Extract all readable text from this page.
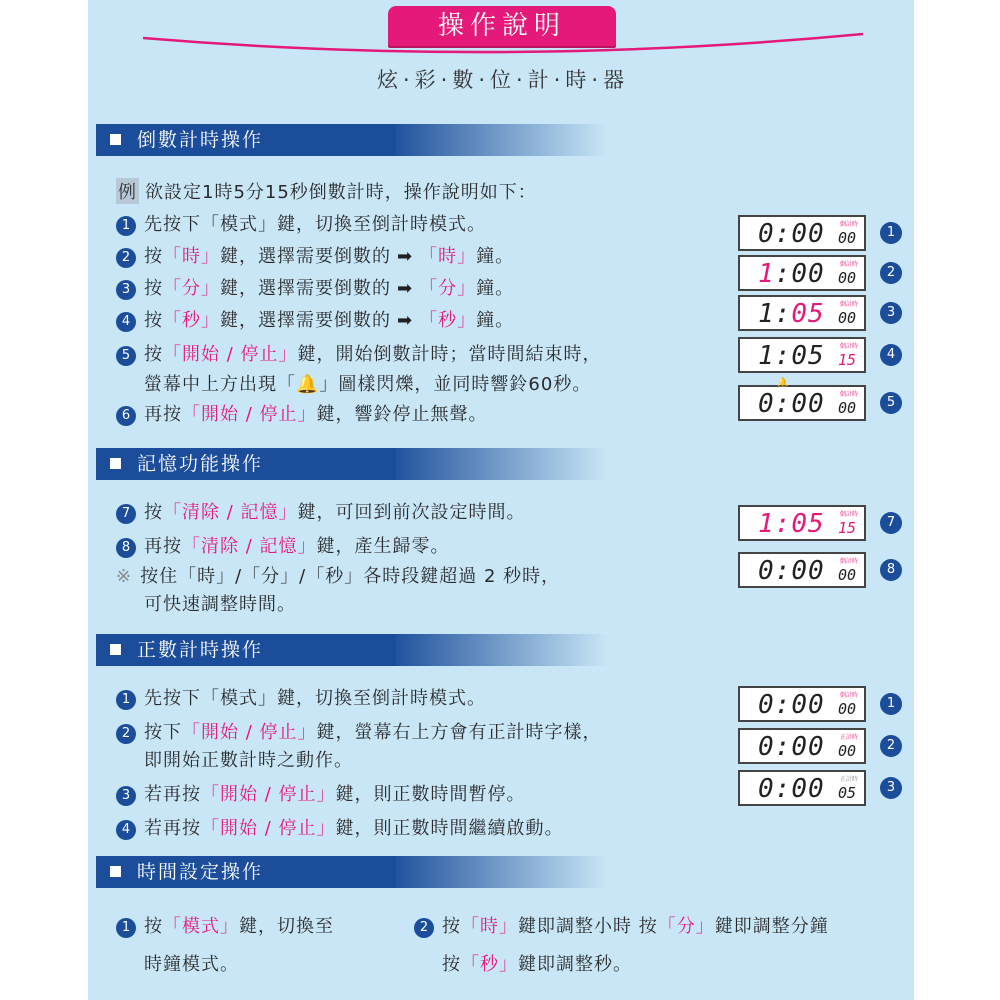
操作說明
炫 · 彩 · 數 · 位 · 計 · 時 · 器
倒數計時操作
例 欲設定1時5分15秒倒數計時，操作說明如下：
1 先按下「模式」鍵，切換至倒計時模式。
2 按「時」鍵，選擇需要倒數的 ➡ 「時」鐘。
3 按「分」鍵，選擇需要倒數的 ➡ 「分」鐘。
4 按「秒」鍵，選擇需要倒數的 ➡ 「秒」鐘。
5 按「開始 / 停止」鍵，開始倒數計時；當時間結束時，
螢幕中上方出現「🔔」圖樣閃爍，並同時響鈴60秒。
6 再按「開始 / 停止」鍵，響鈴停止無聲。
0:00	倒計時
00	1
1:00	倒計時
00	2
1:05	倒計時
00	3
1:05	倒計時
15	4
🔔
0:00	倒計時
00	5
記憶功能操作
7 按「清除 / 記憶」鍵，可回到前次設定時間。
8 再按「清除 / 記憶」鍵，產生歸零。
※ 按住「時」/「分」/「秒」各時段鍵超過 2 秒時，
可快速調整時間。
1:05	倒計時
15	7
0:00	倒計時
00	8
正數計時操作
1 先按下「模式」鍵，切換至倒計時模式。
2 按下「開始 / 停止」鍵，螢幕右上方會有正計時字樣，
即開始正數計時之動作。
3 若再按「開始 / 停止」鍵，則正數時間暫停。
4 若再按「開始 / 停止」鍵，則正數時間繼續啟動。
0:00	倒計時
00	1
0:00	正計時
00	2
0:00	正計時
05	3
時間設定操作
1 按「模式」鍵，切換至
時鐘模式。
2 按「時」鍵即調整小時 按「分」鍵即調整分鐘
按「秒」鍵即調整秒。
